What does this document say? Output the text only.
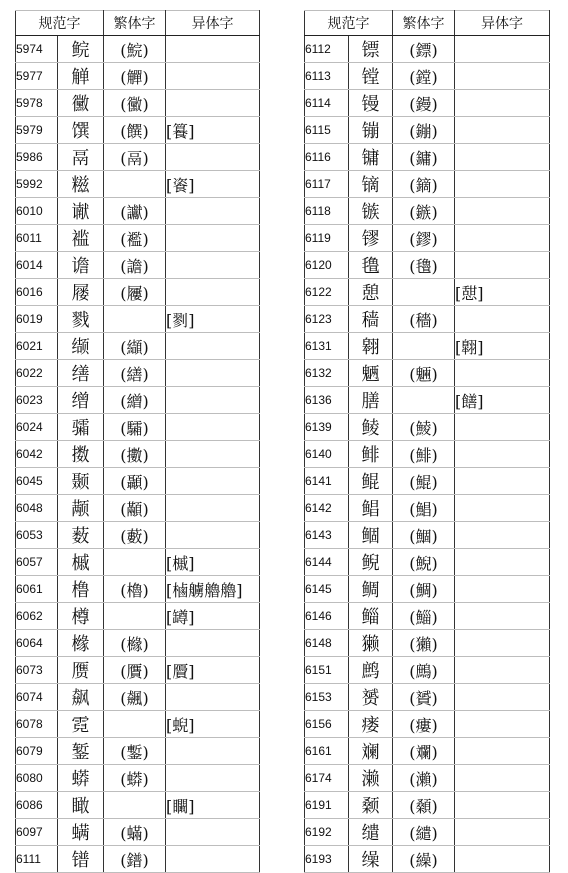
规范字		繁体字	异体字
5974	鲩	(鯇)	
5977	觯	(觶)	
5978	黴	(黴)	
5979	馔	(饌)	[籑]
5986	鬲	(鬲)	
5992	糍		[餈]
6010	谳	(讞)	
6011	褴	(襤)	
6014	谵	(譫)	
6016	屦	(屨)	
6019	戮		[剹]
6021	缬	(纈)	
6022	缮	(繕)	
6023	缯	(繒)	
6024	骦	(驦)	
6042	擞	(擻)	
6045	颞	(顳)	
6048	颟	(顢)	
6053	薮	(藪)	
6057	槭		[槭]
6061	橹	(櫓)	[樐艣艪艪]
6062	樽		[罇]
6064	橼	(櫞)	
6073	赝	(贋)	[贗]
6074	飙	(飆)	
6078	霓		[蜺]
6079	錾	(鏨)	
6080	蟒	(蟒)	
6086	瞰		[矙]
6097	螨	(蟎)	
6111	镨	(鐠)	
规范字		繁体字	异体字
6112	镖	(鏢)	
6113	镗	(鏜)	
6114	镘	(鏝)	
6115	镚	(鏰)	
6116	镛	(鏞)	
6117	镝	(鏑)	
6118	镞	(鏃)	
6119	镠	(鏐)	
6120	氇	(氌)	
6122	憩		[憇]
6123	穑	(穡)	
6131	翱		[翺]
6132	魉	(魎)	
6136	膳		[饍]
6139	鲮	(鯪)	
6140	鲱	(鯡)	
6141	鲲	(鯤)	
6142	鲳	(鯧)	
6143	鲴	(鯝)	
6144	鲵	(鯢)	
6145	鲷	(鯛)	
6146	鲻	(鯔)	
6148	獭	(獺)	
6151	鹧	(鷓)	
6153	赟	(贇)	
6156	瘘	(瘻)	
6161	斓	(斕)	
6174	濑	(瀨)	
6191	颡	(顙)	
6192	缱	(繾)	
6193	缲	(繰)	
